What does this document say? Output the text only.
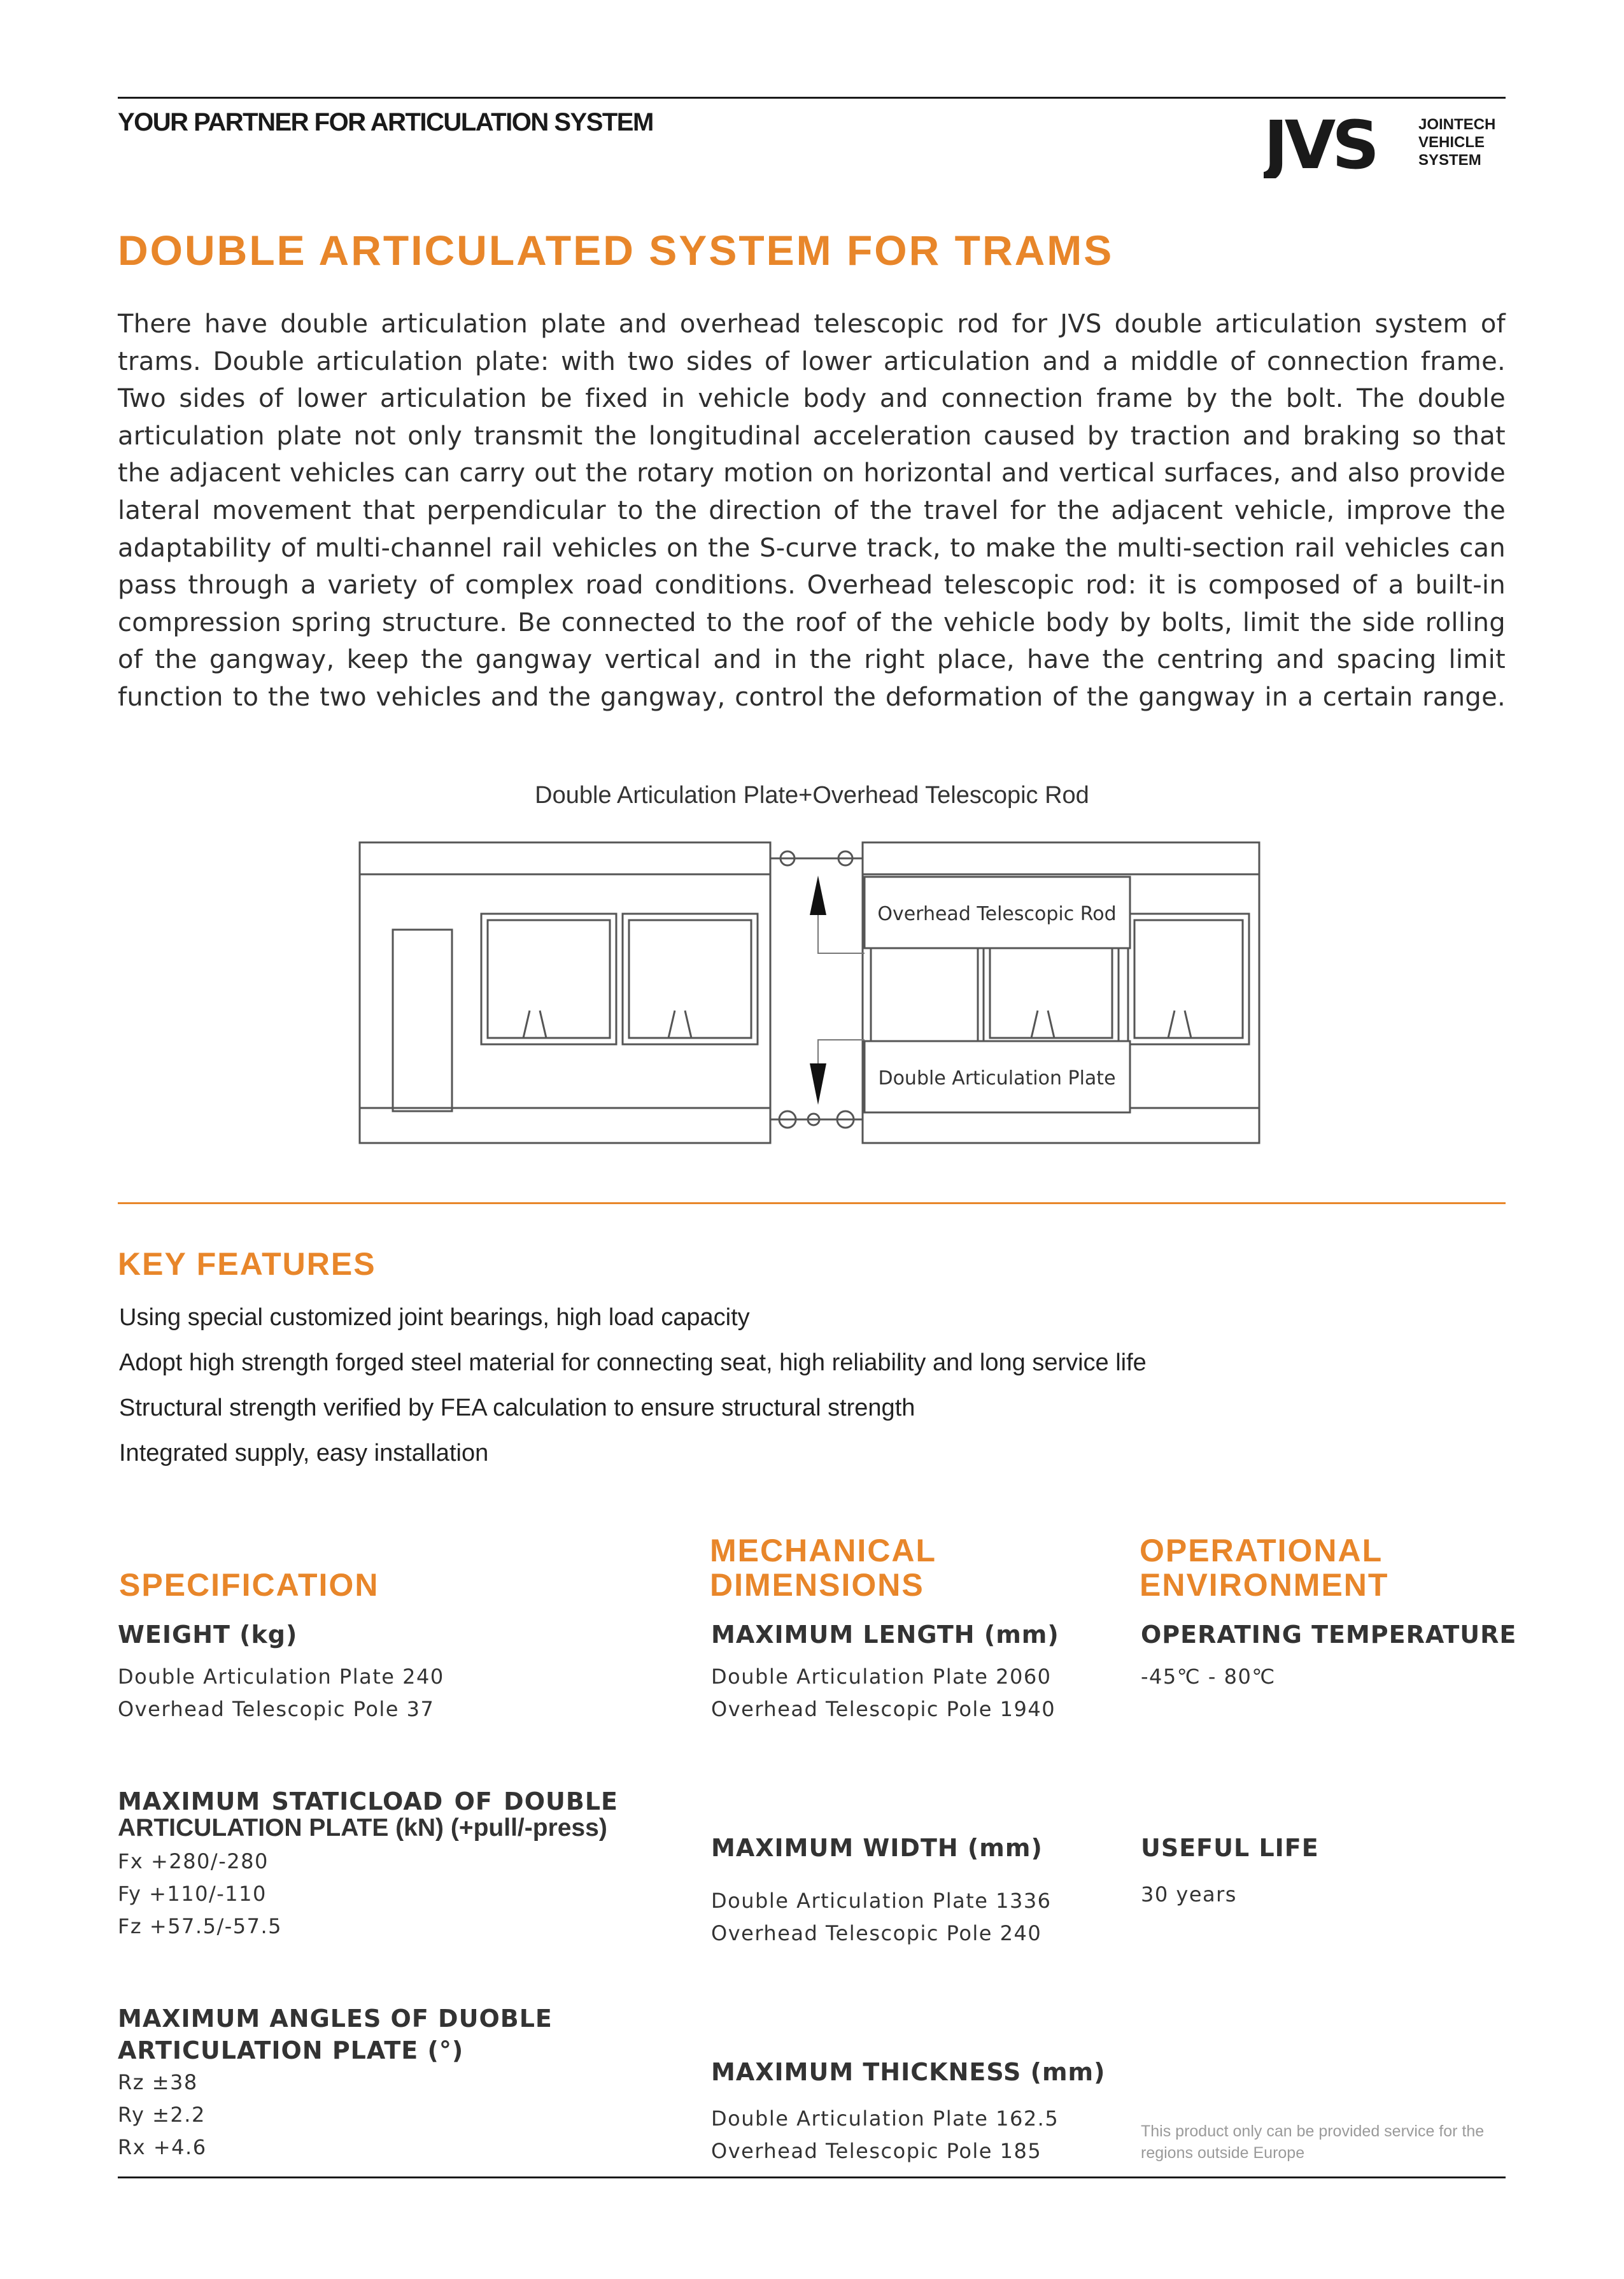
YOUR PARTNER FOR ARTICULATION SYSTEM	JVS	JOINTECH
VEHICLE
SYSTEM
DOUBLE ARTICULATED SYSTEM FOR TRAMS
There have double articulation plate and overhead telescopic rod for JVS double articulation system of trams. Double articulation plate: with two sides of lower articulation and a middle of connection frame. Two sides of lower articulation be fixed in vehicle body and connection frame by the bolt. The double articulation plate not only transmit the longitudinal acceleration caused by traction and braking so that the adjacent vehicles can carry out the rotary motion on horizontal and vertical surfaces, and also provide lateral movement that perpendicular to the direction of the travel for the adjacent vehicle, improve the adaptability of multi-channel rail vehicles on the S-curve track, to make the multi-section rail vehicles can pass through a variety of complex road conditions. Overhead telescopic rod: it is composed of a built-in compression spring structure. Be connected to the roof of the vehicle body by bolts, limit the side rolling of the gangway, keep the gangway vertical and in the right place, have the centring and spacing limit function to the two vehicles and the gangway, control the deformation of the gangway in a certain range.
Double Articulation Plate+Overhead Telescopic Rod
Overhead Telescopic Rod
Double Articulation Plate
KEY FEATURES
Using special customized joint bearings, high load capacity
Adopt high strength forged steel material for connecting seat, high reliability and long service life
Structural strength verified by FEA calculation to ensure structural strength
Integrated supply, easy installation
SPECIFICATION
MECHANICAL
DIMENSIONS
OPERATIONAL
ENVIRONMENT
WEIGHT (kg)
Double Articulation Plate 240
Overhead Telescopic Pole 37
MAXIMUM STATICLOAD OF DOUBLE
ARTICULATION PLATE (kN) (+pull/-press)
Fx +280/-280
Fy +110/-110
Fz +57.5/-57.5
MAXIMUM ANGLES OF DUOBLE
ARTICULATION PLATE (°)
Rz ±38
Ry ±2.2
Rx +4.6
MAXIMUM LENGTH (mm)
Double Articulation Plate 2060
Overhead Telescopic Pole 1940
MAXIMUM WIDTH (mm)
Double Articulation Plate 1336
Overhead Telescopic Pole 240
MAXIMUM THICKNESS (mm)
Double Articulation Plate 162.5
Overhead Telescopic Pole 185
OPERATING TEMPERATURE
-45℃ - 80℃
USEFUL LIFE
30 years
This product only can be provided service for the
regions outside Europe
